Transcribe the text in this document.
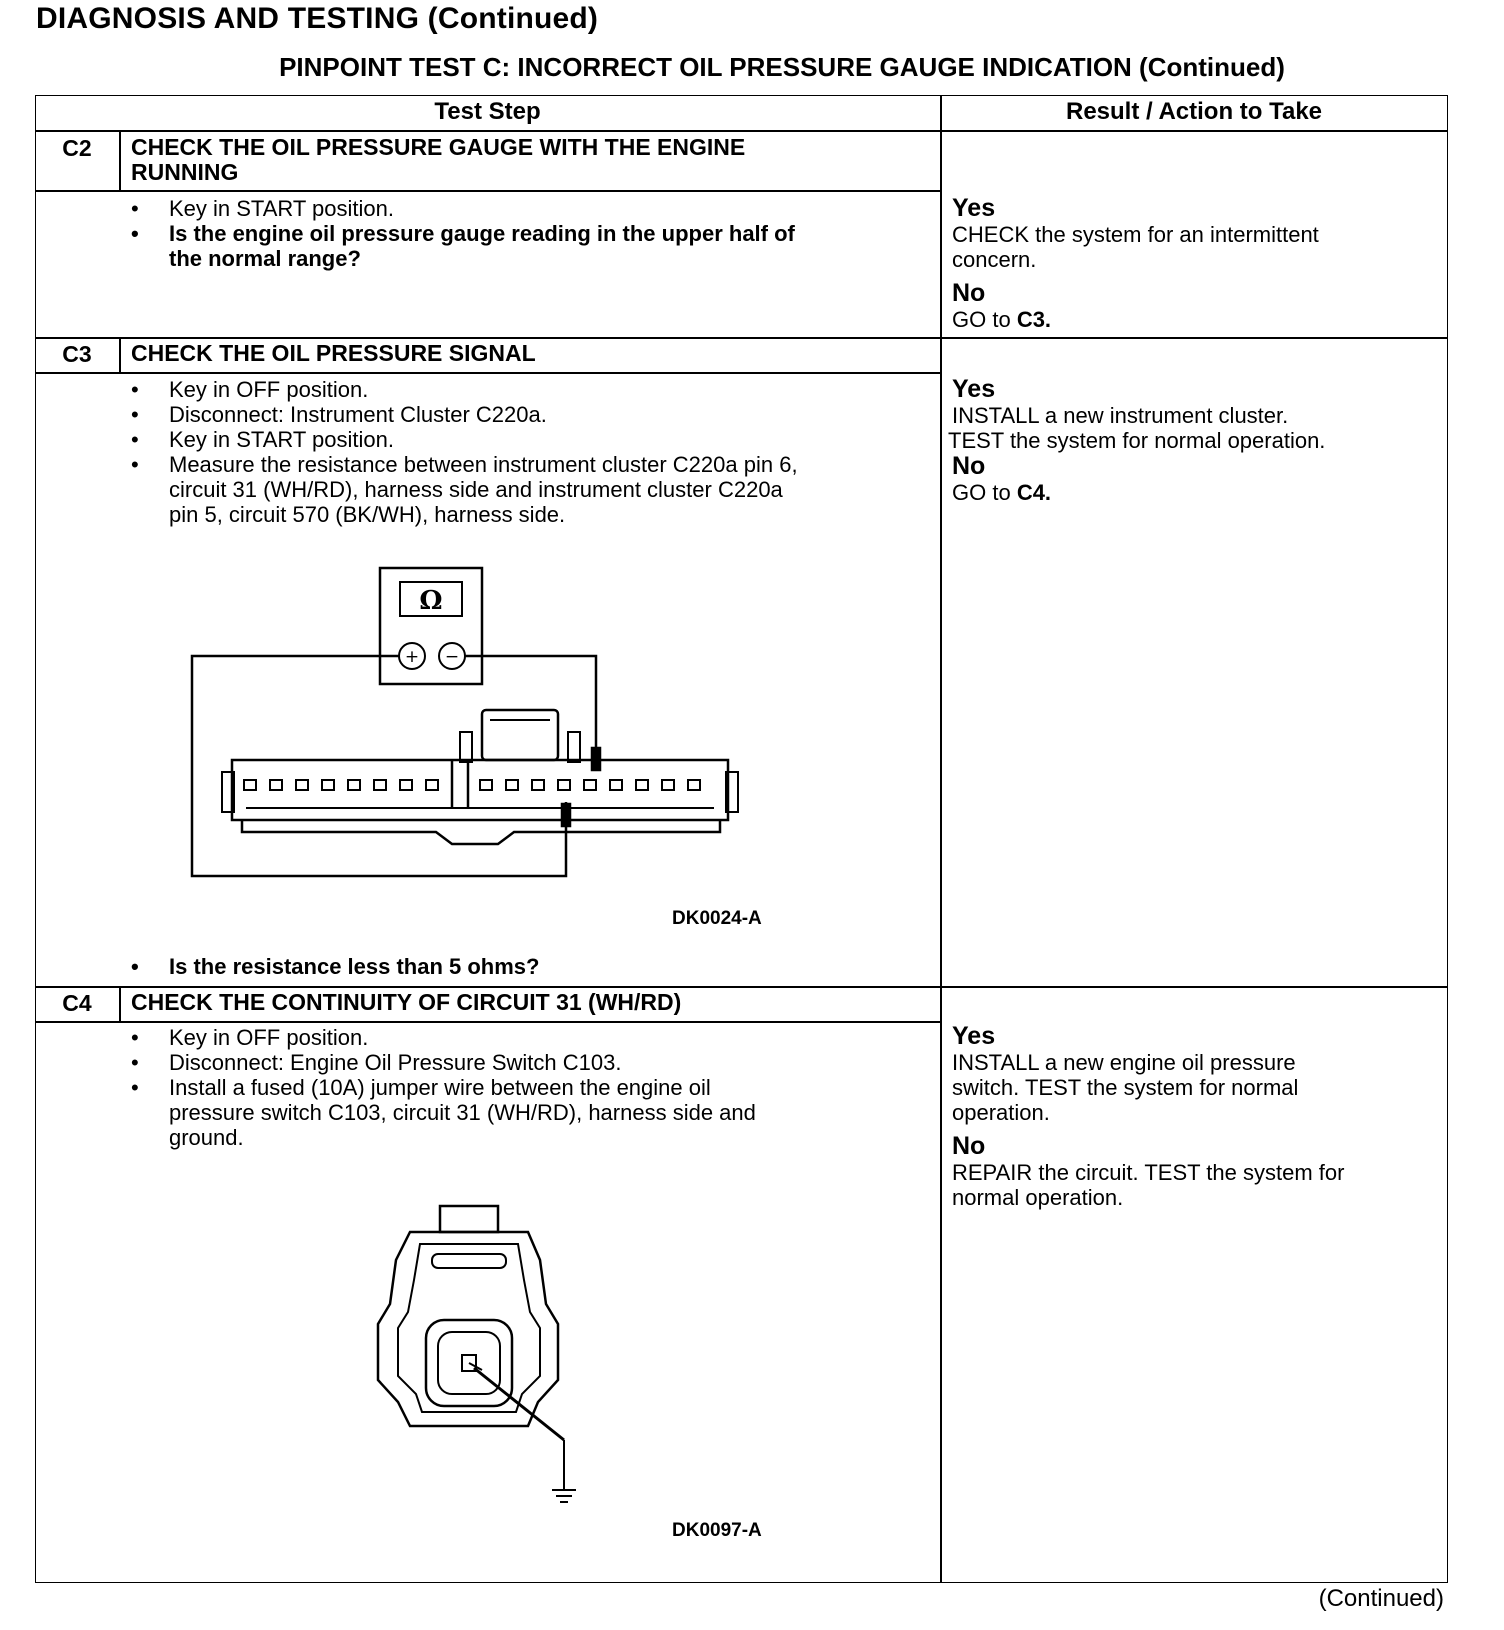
DIAGNOSIS AND TESTING (Continued)
PINPOINT TEST C: INCORRECT OIL PRESSURE GAUGE INDICATION (Continued)
Test Step	Result / Action to Take
C2	CHECK THE OIL PRESSURE GAUGE WITH THE ENGINE
RUNNING
• Key in START position.
• Is the engine oil pressure gauge reading in the upper half of
the normal range?
Yes
CHECK the system for an intermittent
concern.
No
GO to C3.
C3	CHECK THE OIL PRESSURE SIGNAL
• Key in OFF position.
• Disconnect: Instrument Cluster C220a.
• Key in START position.
• Measure the resistance between instrument cluster C220a pin 6,
circuit 31 (WH/RD), harness side and instrument cluster C220a
pin 5, circuit 570 (BK/WH), harness side.
Ω
+ −
DK0024-A
• Is the resistance less than 5 ohms?
Yes
INSTALL a new instrument cluster.
TEST the system for normal operation.
No
GO to C4.
C4	CHECK THE CONTINUITY OF CIRCUIT 31 (WH/RD)
• Key in OFF position.
• Disconnect: Engine Oil Pressure Switch C103.
• Install a fused (10A) jumper wire between the engine oil
pressure switch C103, circuit 31 (WH/RD), harness side and
ground.
DK0097-A
Yes
INSTALL a new engine oil pressure
switch. TEST the system for normal
operation.
No
REPAIR the circuit. TEST the system for
normal operation.
(Continued)
